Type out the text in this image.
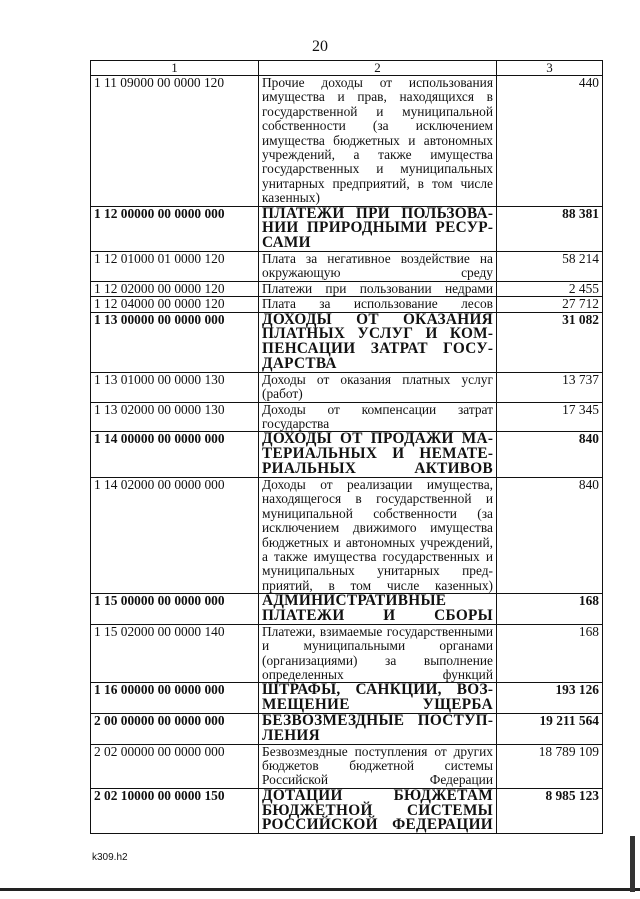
20
1	2	3
1 11 09000 00 0000 120	Прочие доходы от использования имущества и прав, находящихся в государственной и муниципальной собственности (за исключением имущества бюджетных и автономных учреждений, а также имущества государственных и муниципальных унитарных предприятий, в том числе казенных)	440
1 12 00000 00 0000 000	ПЛАТЕЖИ ПРИ ПОЛЬЗОВАНИИ ПРИРОДНЫМИ РЕСУРСАМИ	88 381
1 12 01000 01 0000 120	Плата за негативное воздействие на окружающую среду	58 214
1 12 02000 00 0000 120	Платежи при пользовании недрами	2 455
1 12 04000 00 0000 120	Плата за использование лесов	27 712
1 13 00000 00 0000 000	ДОХОДЫ ОТ ОКАЗАНИЯ ПЛАТНЫХ УСЛУГ И КОМПЕНСАЦИИ ЗАТРАТ ГОСУДАРСТВА	31 082
1 13 01000 00 0000 130	Доходы от оказания платных услуг (работ)	13 737
1 13 02000 00 0000 130	Доходы от компенсации затрат государства	17 345
1 14 00000 00 0000 000	ДОХОДЫ ОТ ПРОДАЖИ МАТЕРИАЛЬНЫХ И НЕМАТЕРИАЛЬНЫХ АКТИВОВ	840
1 14 02000 00 0000 000	Доходы от реализации имущества, находящегося в государственной и муниципальной собственности (за исключением движимого имущества бюджетных и автономных учреждений, а также имущества государственных и муниципальных унитарных предприятий, в том числе казенных)	840
1 15 00000 00 0000 000	АДМИНИСТРАТИВНЫЕ ПЛАТЕЖИ И СБОРЫ	168
1 15 02000 00 0000 140	Платежи, взимаемые государственными и муниципальными органами (организациями) за выполнение определенных функций	168
1 16 00000 00 0000 000	ШТРАФЫ, САНКЦИИ, ВОЗМЕЩЕНИЕ УЩЕРБА	193 126
2 00 00000 00 0000 000	БЕЗВОЗМЕЗДНЫЕ ПОСТУПЛЕНИЯ	19 211 564
2 02 00000 00 0000 000	Безвозмездные поступления от других бюджетов бюджетной системы Российской Федерации	18 789 109
2 02 10000 00 0000 150	ДОТАЦИИ БЮДЖЕТАМ БЮДЖЕТНОЙ СИСТЕМЫ РОССИЙСКОЙ ФЕДЕРАЦИИ	8 985 123
k309.h2
